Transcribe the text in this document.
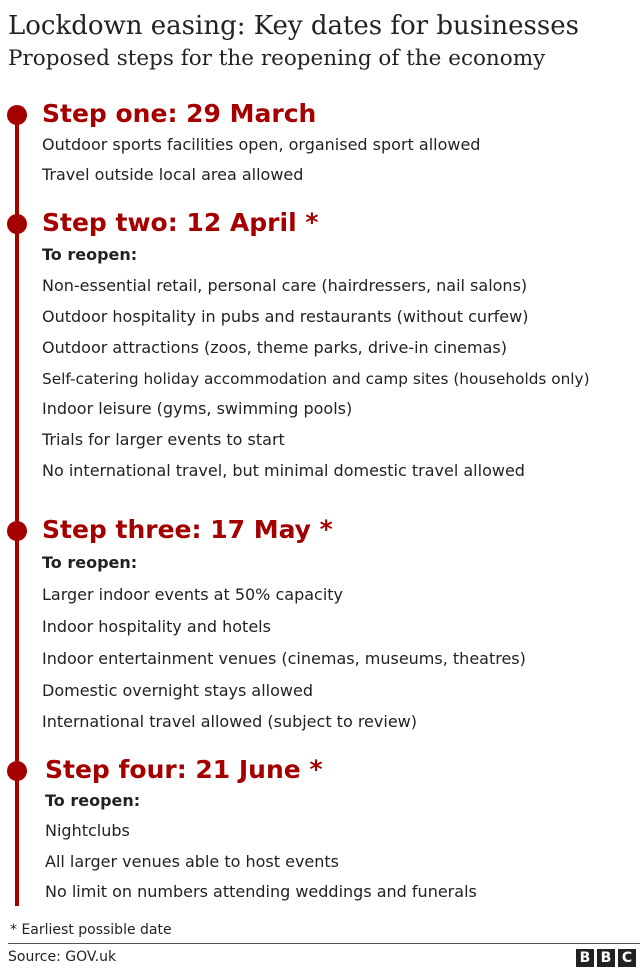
Lockdown easing: Key dates for businesses
Proposed steps for the reopening of the economy
Step one: 29 March
Outdoor sports facilities open, organised sport allowed
Travel outside local area allowed
Step two: 12 April *
To reopen:
Non-essential retail, personal care (hairdressers, nail salons)
Outdoor hospitality in pubs and restaurants (without curfew)
Outdoor attractions (zoos, theme parks, drive-in cinemas)
Self-catering holiday accommodation and camp sites (households only)
Indoor leisure (gyms, swimming pools)
Trials for larger events to start
No international travel, but minimal domestic travel allowed
Step three: 17 May *
To reopen:
Larger indoor events at 50% capacity
Indoor hospitality and hotels
Indoor entertainment venues (cinemas, museums, theatres)
Domestic overnight stays allowed
International travel allowed (subject to review)
Step four: 21 June *
To reopen:
Nightclubs
All larger venues able to host events
No limit on numbers attending weddings and funerals
* Earliest possible date
Source: GOV.uk	B B C
